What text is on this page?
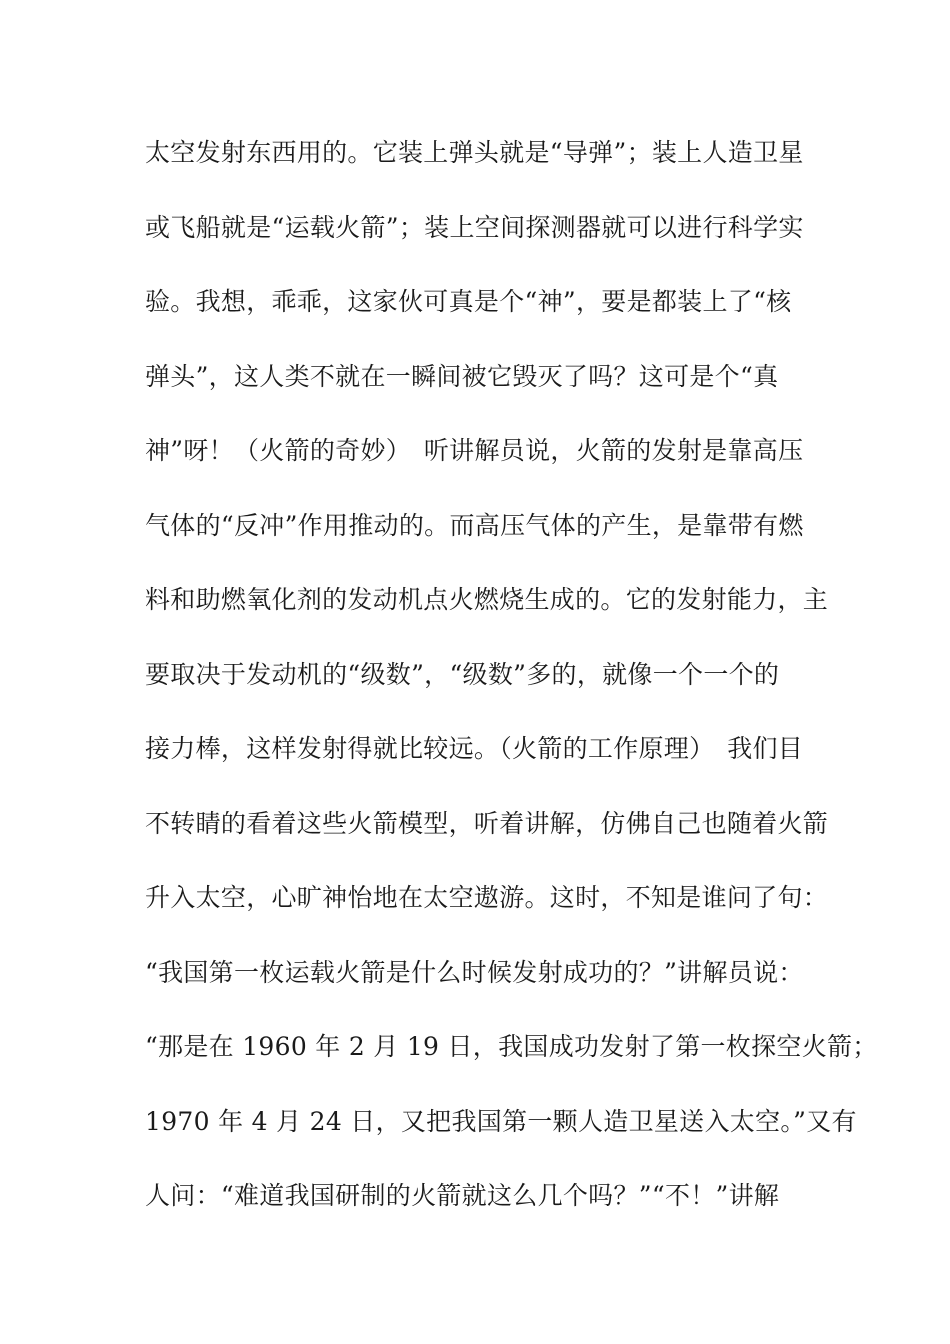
太空发射东西用的。它装上弹头就是“导弹”；装上人造卫星
或飞船就是“运载火箭”；装上空间探测器就可以进行科学实
验。我想，乖乖，这家伙可真是个“神”，要是都装上了“核
弹头”，这人类不就在一瞬间被它毁灭了吗？这可是个“真
神”呀！（火箭的奇妙）　听讲解员说，火箭的发射是靠高压
气体的“反冲”作用推动的。而高压气体的产生，是靠带有燃
料和助燃氧化剂的发动机点火燃烧生成的。它的发射能力，主
要取决于发动机的“级数”，“级数”多的，就像一个一个的
接力棒，这样发射得就比较远。（火箭的工作原理）　我们目
不转睛的看着这些火箭模型，听着讲解，仿佛自己也随着火箭
升入太空，心旷神怡地在太空遨游。这时，不知是谁问了句：
“我国第一枚运载火箭是什么时候发射成功的？”讲解员说：
“那是在 1960 年 2 月 19 日，我国成功发射了第一枚探空火箭；
1970 年 4 月 24 日，又把我国第一颗人造卫星送入太空。”又有
人问：“难道我国研制的火箭就这么几个吗？”“不！”讲解
